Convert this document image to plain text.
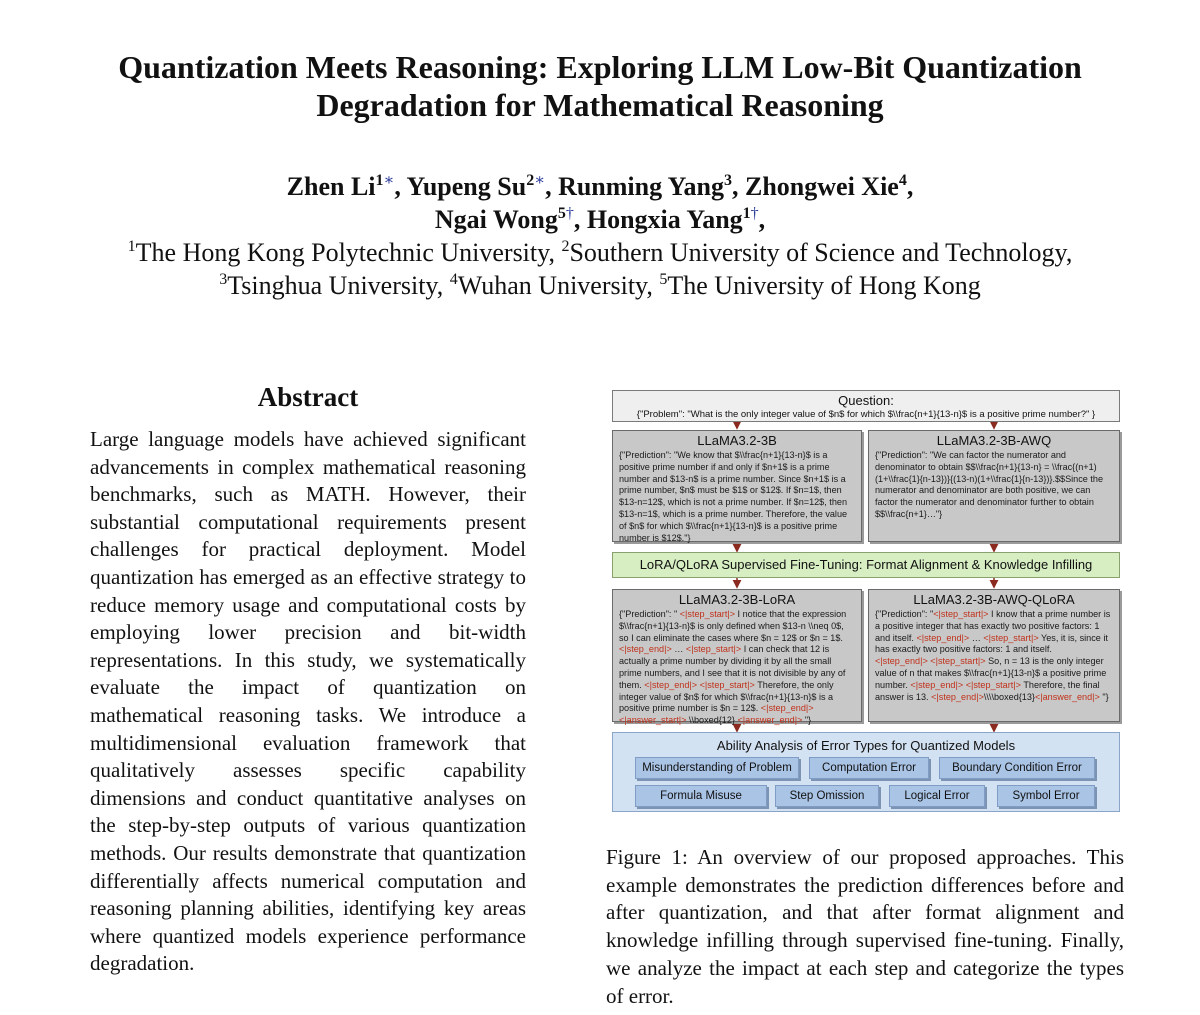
Quantization Meets Reasoning: Exploring LLM Low-Bit Quantization Degradation for Mathematical Reasoning
Zhen $Li^{1∗}$, Yupeng $Su^{2∗}$, Runming Yang$^3$, Zhongwei Xie$^4$,
Ngai Wong$^{5\dagger}$, Hongxia Yang$^{1\dagger}$,
$^1$The Hong Kong Polytechnic University, $^2$Southern University of Science and Technology,
$^3$Tsinghua University, $^4$Wuhan University, $^5$The University of Hong Kong
Abstract
Large language models have achieved significant advancements in complex mathematical reasoning benchmarks, such as MATH. However, their substantial computational requirements present challenges for practical deployment. Model quantization has emerged as an effective strategy to reduce memory usage and computational costs by employing lower precision and bit-width representations. In this study, we systematically evaluate the impact of quantization on mathematical reasoning tasks. We introduce a multidimensional evaluation framework that qualitatively assesses specific capability dimensions and conduct quantitative analyses on the step-by-step outputs of various quantization methods. Our results demonstrate that quantization differentially affects numerical computation and reasoning planning abilities, identifying key areas where quantized models experience performance degradation.
Question:
{"Problem": "What is the only integer value of $n$ for which $\\frac{n+1}{13-n}$ is a positive prime number?" }
LLaMA3.2-3B
{"Prediction": "We know that $\\frac{n+1}{13-n}$ is a positive prime number if and only if $n+1$ is a prime number and $13-n$ is a prime number. Since $n+1$ is a prime number, $n$ must be $1$ or $12$. If $n=1$, then $13-n=12$, which is not a prime number. If $n=12$, then $13-n=1$, which is a prime number. Therefore, the value of $n$ for which $\\frac{n+1}{13-n}$ is a positive prime number is $12$."}
LLaMA3.2-3B-AWQ
{"Prediction": "We can factor the numerator and denominator to obtain $$\\frac{n+1}{13-n} = \\frac{(n+1)(1+\\frac{1}{n-13})}{(13-n)(1+\\frac{1}{n-13})}.$$Since the numerator and denominator are both positive, we can factor the numerator and denominator further to obtain $$\\frac{n+1}…"}
LoRA/QLoRA Supervised Fine-Tuning: Format Alignment & Knowledge Infilling
LLaMA3.2-3B-LoRA
{"Prediction": " <|step_start|> I notice that the expression $\\frac{n+1}{13-n}$ is only defined when $13-n \\neq 0$, so I can eliminate the cases where $n = 12$ or $n = 1$. <|step_end|> … <|step_start|> I can check that 12 is actually a prime number by dividing it by all the small prime numbers, and I see that it is not divisible by any of them. <|step_end|> <|step_start|> Therefore, the only integer value of $n$ for which $\\frac{n+1}{13-n}$ is a positive prime number is $n = 12$. <|step_end|>
<|answer_start|> \\boxed{12} <|answer_end|> "}
LLaMA3.2-3B-AWQ-QLoRA
{"Prediction": "<|step_start|> I know that a prime number is a positive integer that has exactly two positive factors: 1 and itself. <|step_end|> … <|step_start|> Yes, it is, since it has exactly two positive factors: 1 and itself.
<|step_end|> <|step_start|> So, n = 13 is the only integer value of n that makes $\\frac{n+1}{13-n}$ a positive prime number. <|step_end|> <|step_start|> Therefore, the final answer is 13. <|step_end|>\\\\boxed{13}<|answer_end|> "}
Ability Analysis of Error Types for Quantized Models
Misunderstanding of Problem	Computation Error	Boundary Condition Error
Formula Misuse	Step Omission	Logical Error	Symbol Error
Figure 1: An overview of our proposed approaches. This example demonstrates the prediction differences before and after quantization, and that after format alignment and knowledge infilling through supervised fine-tuning. Finally, we analyze the impact at each step and categorize the types of error.
